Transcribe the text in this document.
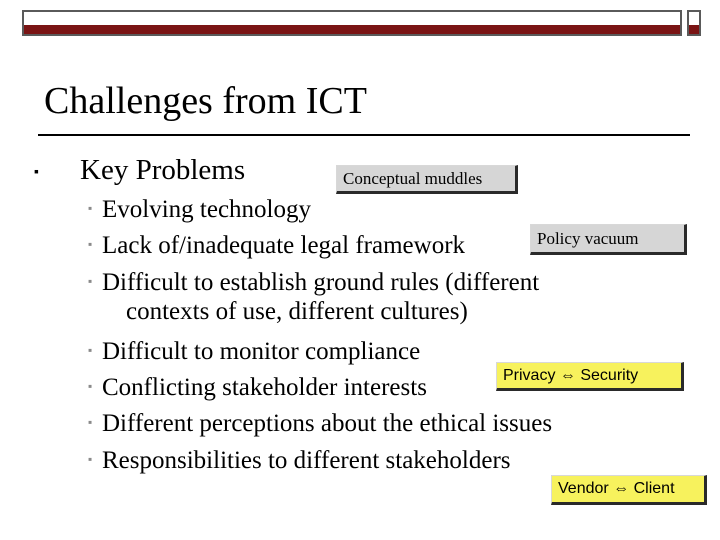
Challenges from ICT
▪ Key Problems
▪ Evolving technology
▪ Lack of/inadequate legal framework
▪ Difficult to establish ground rules (different
contexts of use, different cultures)
▪ Difficult to monitor compliance
▪ Conflicting stakeholder interests
▪ Different perceptions about the ethical issues
▪ Responsibilities to different stakeholders
Conceptual muddles
Policy vacuum
Privacy ⇔ Security
Vendor ⇔ Client
